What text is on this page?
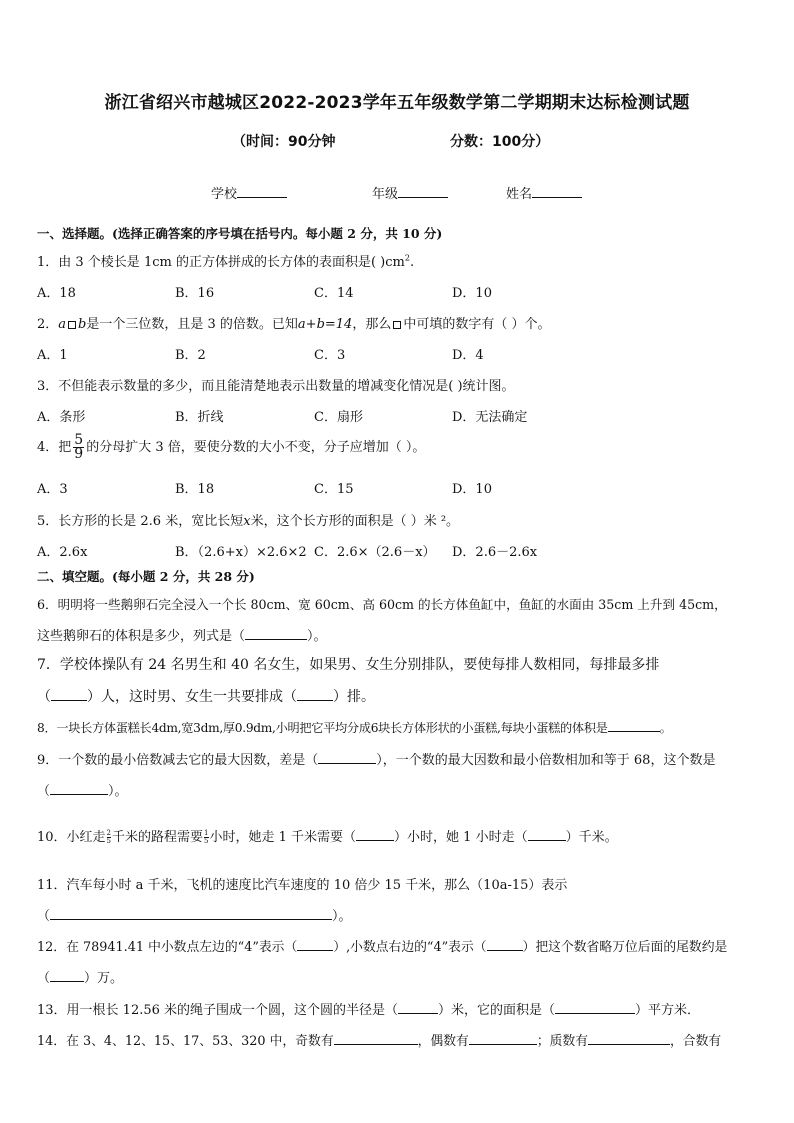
浙江省绍兴市越城区2022-2023学年五年级数学第二学期期末达标检测试题
（时间：90分钟	分数：100分）
学校	年级	姓名
一、选择题。(选择正确答案的序号填在括号内。每小题 2 分，共 10 分)
1．由 3 个棱长是 1cm 的正方体拼成的长方体的表面积是( )$cm^2$.
A．18	B．16	C．14	D．10
2．a b是一个三位数，且是 3 的倍数。已知a+b=14，那么 中可填的数字有（ ）个。
A．1	B．2	C．3	D．4
3．不但能表示数量的多少，而且能清楚地表示出数量的增减变化情况是( )统计图。
A．条形	B．折线	C．扇形	D．无法确定
4．把 $\frac{5}{9}$ 的分母扩大 3 倍，要使分数的大小不变，分子应增加（ ）。
A．3	B．18	C．15	D．10
5．长方形的长是 2.6 米，宽比长短x米，这个长方形的面积是（ ）米 ²。
A．2.6x	B．（2.6+x）×2.6×2 C．2.6×（2.6－x） D．2.6－2.6x
二、填空题。(每小题 2 分，共 28 分)
6．明明将一些鹅卵石完全浸入一个长 80cm、宽 60cm、高 60cm 的长方体鱼缸中，鱼缸的水面由 35cm 上升到 45cm，
这些鹅卵石的体积是多少，列式是（	）。
7．学校体操队有 24 名男生和 40 名女生，如果男、女生分别排队，要使每排人数相同，每排最多排
（	）人，这时男、女生一共要排成（	）排。
8．一块长方体蛋糕长4dm,宽3dm,厚0.9dm,小明把它平均分成6块长方体形状的小蛋糕,每块小蛋糕的体积是	。
9．一个数的最小倍数减去它的最大因数，差是（	），一个数的最大因数和最小倍数相加和等于 68，这个数是
（	）。
10．小红走 $\frac{2}{5}$千米的路程需要 $\frac{1}{5}$小时，她走 1 千米需要（	）小时，她 1 小时走（	）千米。
11．汽车每小时 a 千米，飞机的速度比汽车速度的 10 倍少 15 千米，那么（10a-15）表示
（	）。
12．在 78941.41 中小数点左边的“4”表示（	）,小数点右边的“4”表示（	）把这个数省略万位后面的尾数约是
（	）万。
13．用一根长 12.56 米的绳子围成一个圆，这个圆的半径是（	）米，它的面积是（	）平方米．
14．在 3、4、12、15、17、53、320 中，奇数有	，偶数有	；质数有	，合数有
